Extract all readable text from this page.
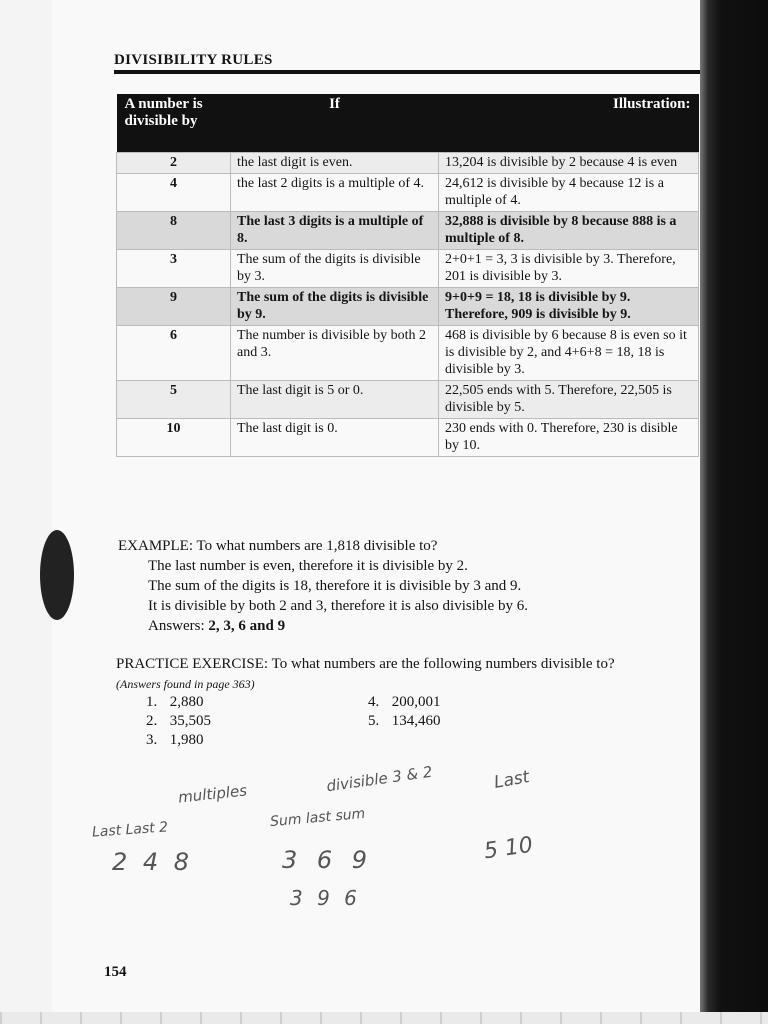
DIVISIBILITY RULES
A number is divisible by	If	Illustration:
2	the last digit is even.	13,204 is divisible by 2 because 4 is even
4	the last 2 digits is a multiple of 4.	24,612 is divisible by 4 because 12 is a multiple of 4.
8	The last 3 digits is a multiple of 8.	32,888 is divisible by 8 because 888 is a multiple of 8.
3	The sum of the digits is divisible by 3.	2+0+1 = 3, 3 is divisible by 3. Therefore, 201 is divisible by 3.
9	The sum of the digits is divisible by 9.	9+0+9 = 18, 18 is divisible by 9. Therefore, 909 is divisible by 9.
6	The number is divisible by both 2 and 3.	468 is divisible by 6 because 8 is even so it is divisible by 2, and 4+6+8 = 18, 18 is divisible by 3.
5	The last digit is 5 or 0.	22,505 ends with 5. Therefore, 22,505 is divisible by 5.
10	The last digit is 0.	230 ends with 0. Therefore, 230 is disible by 10.
EXAMPLE: To what numbers are 1,818 divisible to?
The last number is even, therefore it is divisible by 2.
The sum of the digits is 18, therefore it is divisible by 3 and 9.
It is divisible by both 2 and 3, therefore it is also divisible by 6.
Answers: 2, 3, 6 and 9
PRACTICE EXERCISE: To what numbers are the following numbers divisible to?
(Answers found in page 363)
1. 2,880
2. 35,505
3. 1,980
4. 200,001
5. 134,460
multiples	divisible 3 & 2	Last
Last Last 2	Sum last sum
2 4 8	3 6 9
3 9 6
5 10
154
